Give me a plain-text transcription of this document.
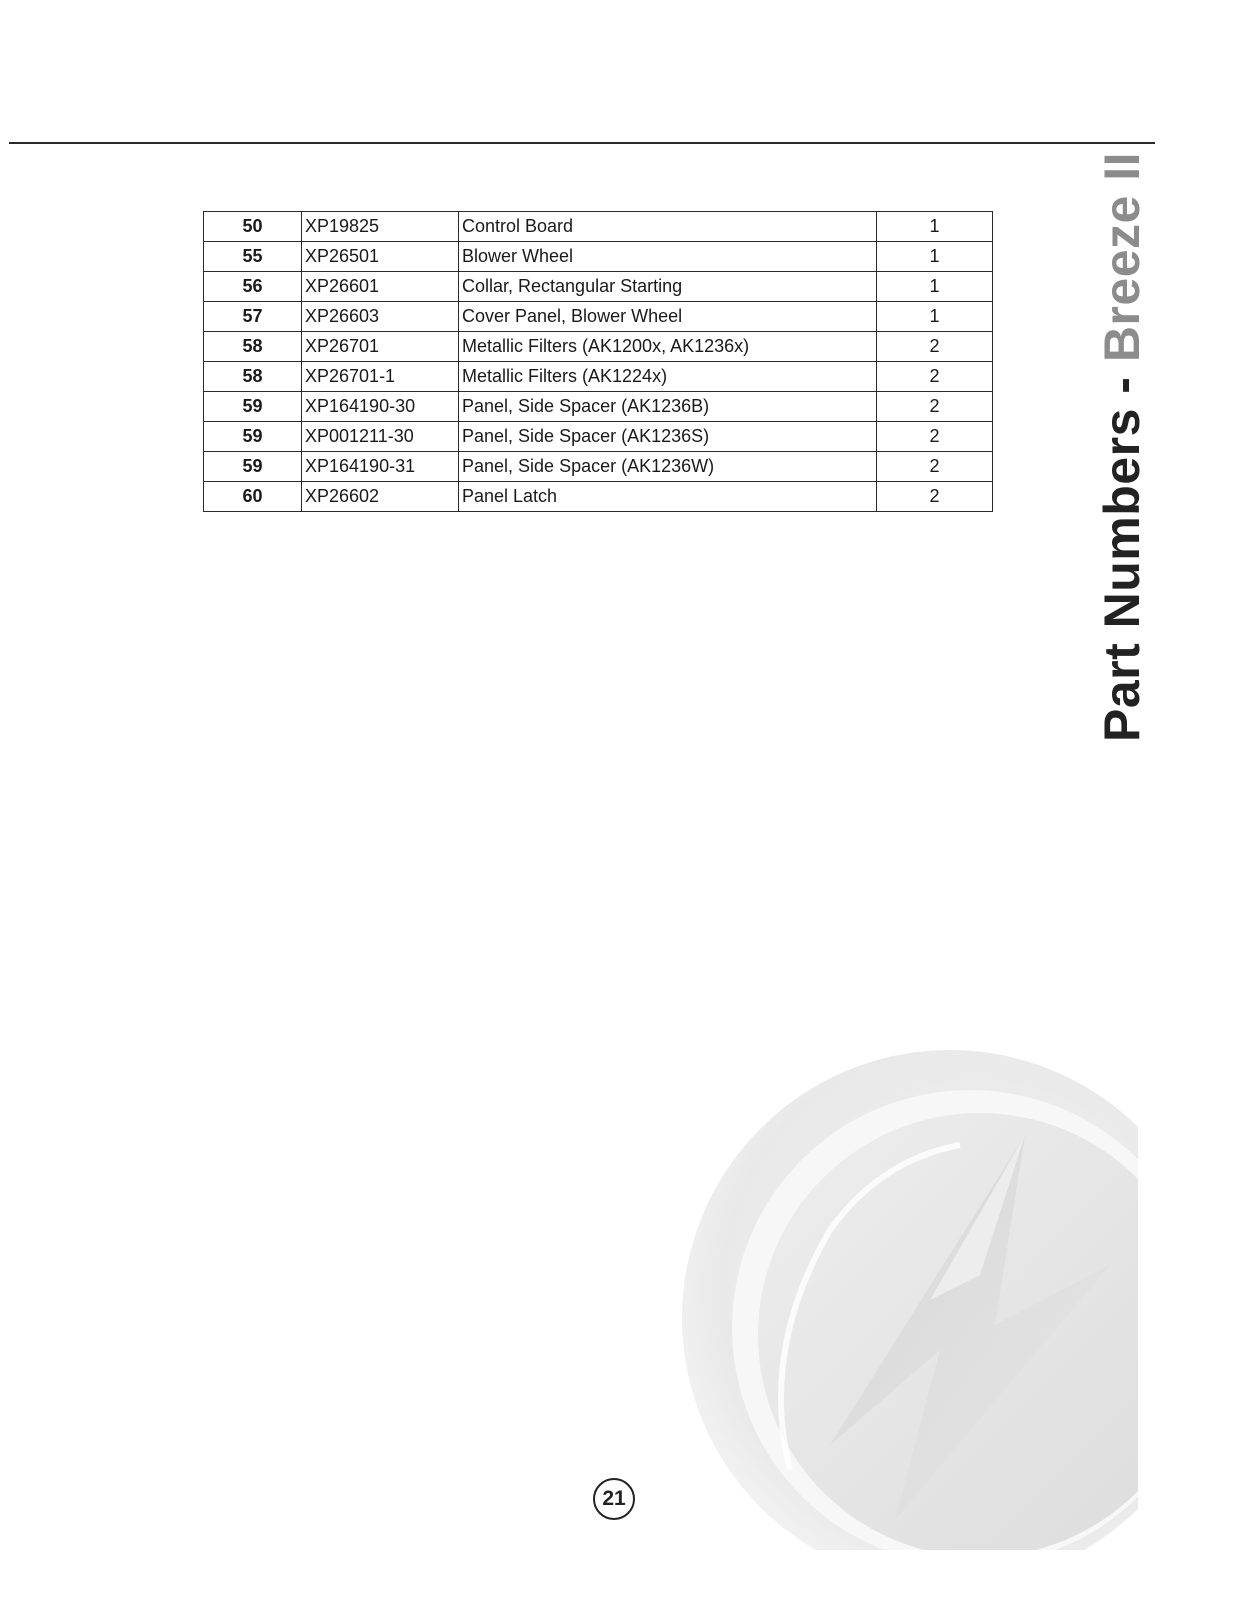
50	XP19825	Control Board	1
55	XP26501	Blower Wheel	1
56	XP26601	Collar, Rectangular Starting	1
57	XP26603	Cover Panel, Blower Wheel	1
58	XP26701	Metallic Filters (AK1200x, AK1236x)	2
58	XP26701-1	Metallic Filters (AK1224x)	2
59	XP164190-30	Panel, Side Spacer (AK1236B)	2
59	XP001211-30	Panel, Side Spacer (AK1236S)	2
59	XP164190-31	Panel, Side Spacer (AK1236W)	2
60	XP26602	Panel Latch	2	Part Numbers - Breeze II
21
